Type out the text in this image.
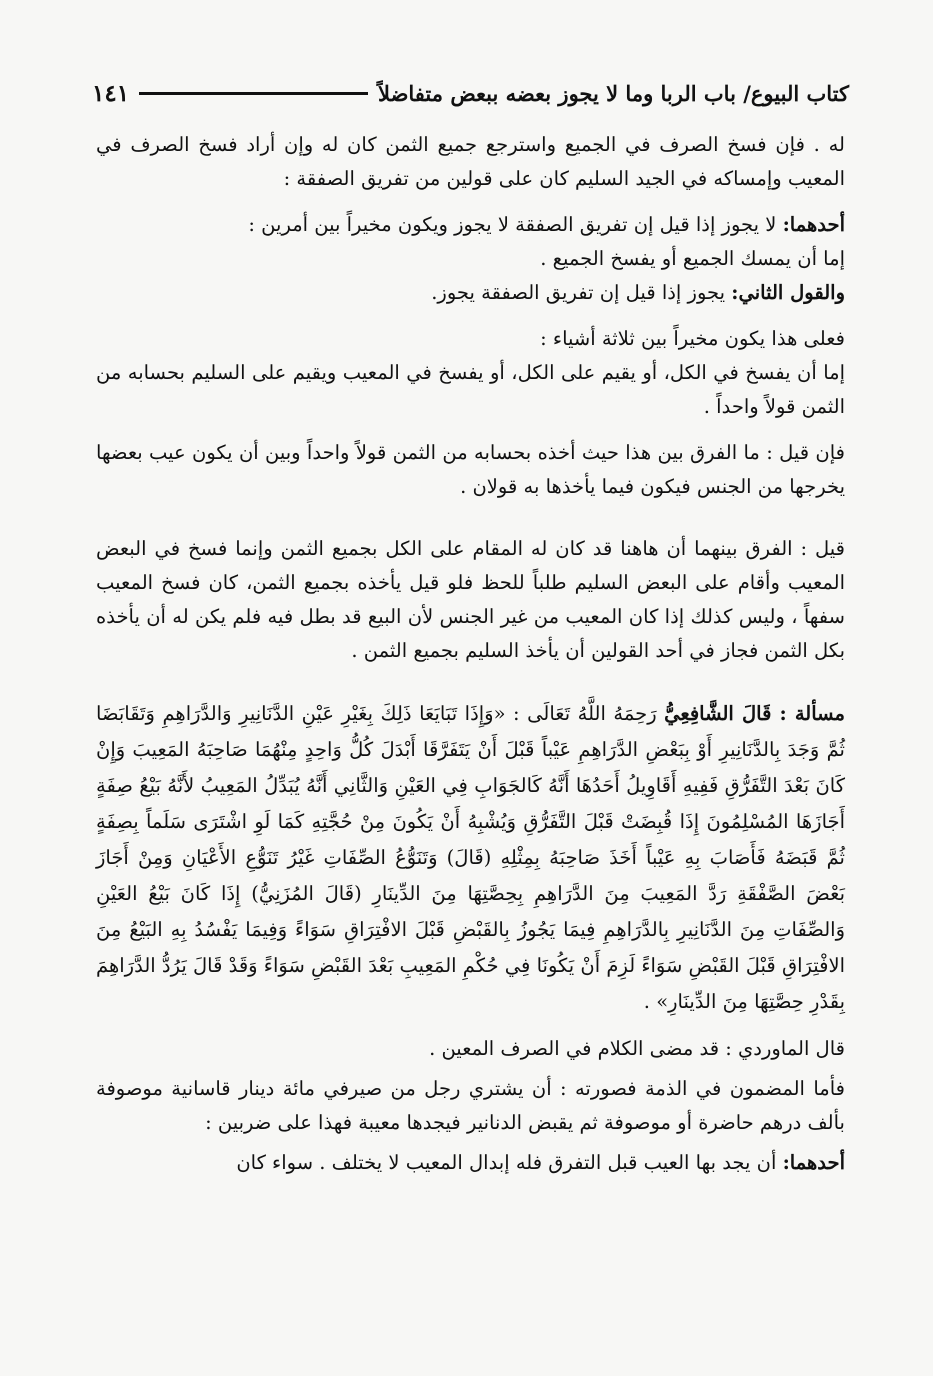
كتاب البيوع/ باب الربا وما لا يجوز بعضه ببعض متفاضلاً
١٤١

له . فإن فسخ الصرف في الجميع واسترجع جميع الثمن كان له وإن أراد فسخ الصرف في المعيب وإمساكه في الجيد السليم كان على قولين من تفريق الصفقة :

أحدهما: لا يجوز إذا قيل إن تفريق الصفقة لا يجوز ويكون مخيراً بين أمرين :

إما أن يمسك الجميع أو يفسخ الجميع .

والقول الثاني: يجوز إذا قيل إن تفريق الصفقة يجوز.

فعلى هذا يكون مخيراً بين ثلاثة أشياء :

إما أن يفسخ في الكل، أو يقيم على الكل، أو يفسخ في المعيب ويقيم على السليم بحسابه من الثمن قولاً واحداً .

فإن قيل : ما الفرق بين هذا حيث أخذه بحسابه من الثمن قولاً واحداً وبين أن يكون عيب بعضها يخرجها من الجنس فيكون فيما يأخذها به قولان .

قيل : الفرق بينهما أن هاهنا قد كان له المقام على الكل بجميع الثمن وإنما فسخ في البعض المعيب وأقام على البعض السليم طلباً للحظ فلو قيل يأخذه بجميع الثمن، كان فسخ المعيب سفهاً ، وليس كذلك إذا كان المعيب من غير الجنس لأن البيع قد بطل فيه فلم يكن له أن يأخذه بكل الثمن فجاز في أحد القولين أن يأخذ السليم بجميع الثمن .

مسألة : قَالَ الشَّافِعِيُّ رَحِمَهُ اللَّهُ تَعَالَى : «وَإِذَا تَبَايَعَا ذَلِكَ بِغَيْرِ عَيْنِ الدَّنَانِيرِ وَالدَّرَاهِمِ وَتَقَابَضَا ثُمَّ وَجَدَ بِالدَّنَانِيرِ أَوْ بِبَعْضِ الدَّرَاهِمِ عَيْباً قَبْلَ أَنْ يَتَفَرَّقَا أَبْدَلَ كُلُّ وَاحِدٍ مِنْهُمَا صَاحِبَهُ المَعِيبَ وَإِنْ كَانَ بَعْدَ التَّفَرُّقِ فَفِيهِ أَقَاوِيلُ أَحَدُهَا أَنَّهُ كَالجَوَابِ فِي العَيْنِ وَالثَّانِي أَنَّهُ يُبَدِّلُ المَعِيبُ لأَنَّهُ بَيْعُ صِفَةٍ أَجَازَهَا المُسْلِمُونَ إِذَا قُبِضَتْ قَبْلَ التَّفَرُّقِ وَيُشْبِهُ أَنْ يَكُونَ مِنْ حُجَّتِهِ كَمَا لَوِ اشْتَرَى سَلَماً بِصِفَةٍ ثُمَّ قَبَضَهُ فَأَصَابَ بِهِ عَيْباً أَخَذَ صَاحِبَهُ بِمِثْلِهِ (قَالَ) وَتَنَوُّعُ الصِّفَاتِ غَيْرُ تَنَوُّعِ الأَعْيَانِ وَمِنْ أَجَازَ بَعْضَ الصَّفْقَةِ رَدَّ المَعِيبَ مِنَ الدَّرَاهِمِ بِحِصَّتِهَا مِنَ الدِّينَارِ (قَالَ المُزَنِيُّ) إِذَا كَانَ بَيْعُ العَيْنِ وَالصِّفَاتِ مِنَ الدَّنَانِيرِ بِالدَّرَاهِمِ فِيمَا يَجُوزُ بِالقَبْضِ قَبْلَ الافْتِرَاقِ سَوَاءً وَفِيمَا يَفْسُدُ بِهِ البَيْعُ مِنَ الافْتِرَاقِ قَبْلَ القَبْضِ سَوَاءً لَزِمَ أَنْ يَكُونَا فِي حُكْمِ المَعِيبِ بَعْدَ القَبْضِ سَوَاءً وَقَدْ قَالَ يَرُدُّ الدَّرَاهِمَ بِقَدْرِ حِصَّتِهَا مِنَ الدِّينَارِ» .

قال الماوردي : قد مضى الكلام في الصرف المعين .

فأما المضمون في الذمة فصورته : أن يشتري رجل من صيرفي مائة دينار قاسانية موصوفة بألف درهم حاضرة أو موصوفة ثم يقبض الدنانير فيجدها معيبة فهذا على ضربين :

أحدهما: أن يجد بها العيب قبل التفرق فله إبدال المعيب لا يختلف . سواء كان
